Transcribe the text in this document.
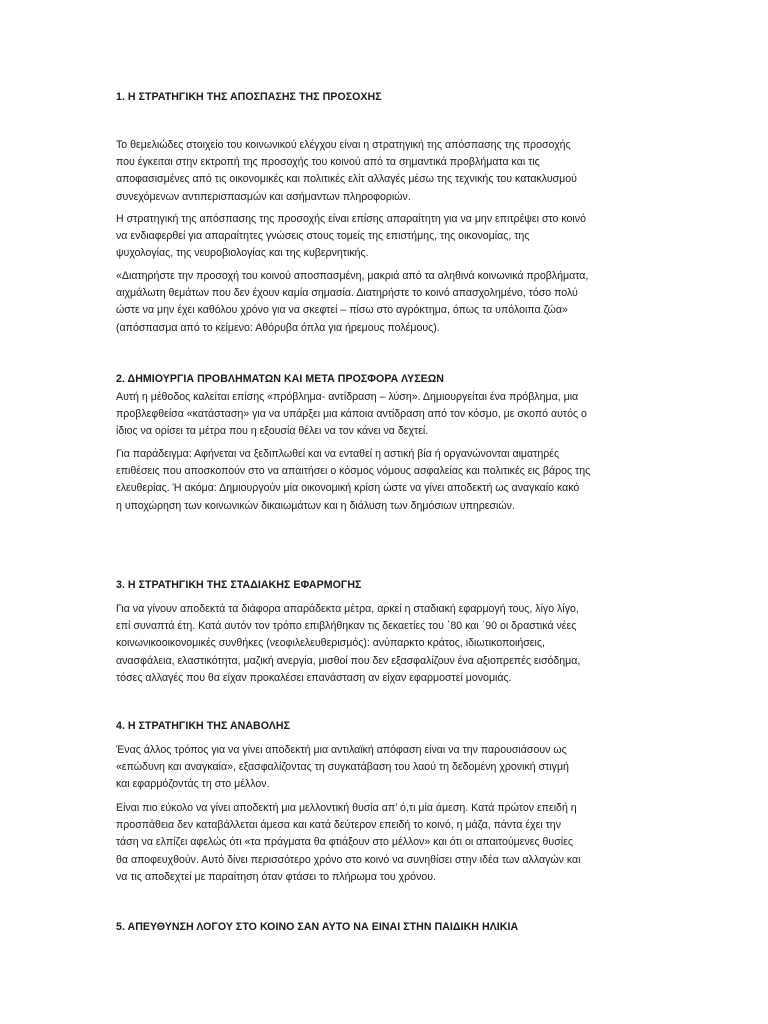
1. Η ΣΤΡΑΤΗΓΙΚΗ ΤΗΣ ΑΠΟΣΠΑΣΗΣ ΤΗΣ ΠΡΟΣΟΧΗΣ

Το θεμελιώδες στοιχείο του κοινωνικού ελέγχου είναι η στρατηγική της απόσπασης της προσοχής
που έγκειται στην εκτροπή της προσοχής του κοινού από τα σημαντικά προβλήματα και τις
αποφασισμένες από τις οικονομικές και πολιτικές ελίτ αλλαγές μέσω της τεχνικής του κατακλυσμού
συνεχόμενων αντιπερισπασμών και ασήμαντων πληροφοριών.

Η στρατηγική της απόσπασης της προσοχής είναι επίσης απαραίτητη για να μην επιτρέψει στο κοινό
να ενδιαφερθεί για απαραίτητες γνώσεις στους τομείς της επιστήμης, της οικονομίας, της
ψυχολογίας, της νευροβιολογίας και της κυβερνητικής.

«Διατηρήστε την προσοχή του κοινού αποσπασμένη, μακριά από τα αληθινά κοινωνικά προβλήματα,
αιχμάλωτη θεμάτων που δεν έχουν καμία σημασία. Διατηρήστε το κοινό απασχολημένο, τόσο πολύ
ώστε να μην έχει καθόλου χρόνο για να σκεφτεί – πίσω στο αγρόκτημα, όπως τα υπόλοιπα ζώα»
(απόσπασμα από το κείμενο: Αθόρυβα όπλα για ήρεμους πολέμους).

2. ΔΗΜΙΟΥΡΓΙΑ ΠΡΟΒΛΗΜΑΤΩΝ ΚΑΙ ΜΕΤΑ ΠΡΟΣΦΟΡΑ ΛΥΣΕΩΝ

Αυτή η μέθοδος καλείται επίσης «πρόβλημα- αντίδραση – λύση». Δημιουργείται ένα πρόβλημα, μια
προβλεφθείσα «κατάσταση» για να υπάρξει μια κάποια αντίδραση από τον κόσμο, με σκοπό αυτός ο
ίδιος να ορίσει τα μέτρα που η εξουσία θέλει να τον κάνει να δεχτεί.

Για παράδειγμα: Αφήνεται να ξεδιπλωθεί και να ενταθεί η αστική βία ή οργανώνονται αιματηρές
επιθέσεις που αποσκοπούν στο να απαιτήσει ο κόσμος νόμους ασφαλείας και πολιτικές εις βάρος της
ελευθερίας. Ή ακόμα: Δημιουργούν μία οικονομική κρίση ώστε να γίνει αποδεκτή ως αναγκαίο κακό
η υποχώρηση των κοινωνικών δικαιωμάτων και η διάλυση των δημόσιων υπηρεσιών.

3. Η ΣΤΡΑΤΗΓΙΚΗ ΤΗΣ ΣΤΑΔΙΑΚΗΣ ΕΦΑΡΜΟΓΗΣ

Για να γίνουν αποδεκτά τα διάφορα απαράδεκτα μέτρα, αρκεί η σταδιακή εφαρμογή τους, λίγο λίγο,
επί συναπτά έτη. Κατά αυτόν τον τρόπο επιβλήθηκαν τις δεκαετίες του ΄80 και ΄90 οι δραστικά νέες
κοινωνικοοικονομικές συνθήκες (νεοφιλελευθερισμός): ανύπαρκτο κράτος, ιδιωτικοποιήσεις,
ανασφάλεια, ελαστικότητα, μαζική ανεργία, μισθοί που δεν εξασφαλίζουν ένα αξιοπρεπές εισόδημα,
τόσες αλλαγές που θα είχαν προκαλέσει επανάσταση αν είχαν εφαρμοστεί μονομιάς.

4. Η ΣΤΡΑΤΗΓΙΚΗ ΤΗΣ ΑΝΑΒΟΛΗΣ

Ένας άλλος τρόπος για να γίνει αποδεκτή μια αντιλαϊκή απόφαση είναι να την παρουσιάσουν ως
«επώδυνη και αναγκαία», εξασφαλίζοντας τη συγκατάβαση του λαού τη δεδομένη χρονική στιγμή
και εφαρμόζοντάς τη στο μέλλον.

Είναι πιο εύκολο να γίνει αποδεκτή μια μελλοντική θυσία απ’ ό,τι μία άμεση. Κατά πρώτον επειδή η
προσπάθεια δεν καταβάλλεται άμεσα και κατά δεύτερον επειδή το κοινό, η μάζα, πάντα έχει την
τάση να ελπίζει αφελώς ότι «τα πράγματα θα φτιάξουν στο μέλλον» και ότι οι απαιτούμενες θυσίες
θα αποφευχθούν. Αυτό δίνει περισσότερο χρόνο στο κοινό να συνηθίσει στην ιδέα των αλλαγών και
να τις αποδεχτεί με παραίτηση όταν φτάσει το πλήρωμα του χρόνου.

5. ΑΠΕΥΘΥΝΣΗ ΛΟΓΟΥ ΣΤΟ ΚΟΙΝΟ ΣΑΝ ΑΥΤΟ ΝΑ ΕΙΝΑΙ ΣΤΗΝ ΠΑΙΔΙΚΗ ΗΛΙΚΙΑ
